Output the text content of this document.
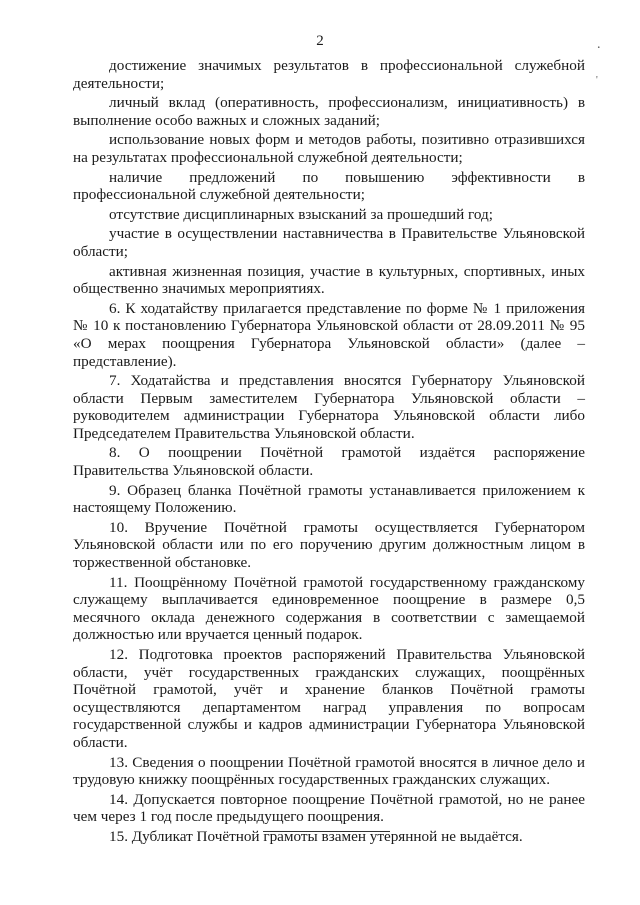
2	.
'

достижение значимых результатов в профессиональной служебной деятельности;

личный вклад (оперативность, профессионализм, инициативность) в выполнение особо важных и сложных заданий;

использование новых форм и методов работы, позитивно отразившихся на результатах профессиональной служебной деятельности;

наличие предложений по повышению эффективности в профессиональной служебной деятельности;

отсутствие дисциплинарных взысканий за прошедший год;

участие в осуществлении наставничества в Правительстве Ульяновской области;

активная жизненная позиция, участие в культурных, спортивных, иных общественно значимых мероприятиях.

6. К ходатайству прилагается представление по форме № 1 приложения № 10 к постановлению Губернатора Ульяновской области от 28.09.2011 № 95 «О мерах поощрения Губернатора Ульяновской области» (далее – представление).

7. Ходатайства и представления вносятся Губернатору Ульяновской области Первым заместителем Губернатора Ульяновской области – руководителем администрации Губернатора Ульяновской области либо Председателем Правительства Ульяновской области.

8. О поощрении Почётной грамотой издаётся распоряжение Правительства Ульяновской области.

9. Образец бланка Почётной грамоты устанавливается приложением к настоящему Положению.

10. Вручение Почётной грамоты осуществляется Губернатором Ульяновской области или по его поручению другим должностным лицом в торжественной обстановке.

11. Поощрённому Почётной грамотой государственному гражданскому служащему выплачивается единовременное поощрение в размере 0,5 месячного оклада денежного содержания в соответствии с замещаемой должностью или вручается ценный подарок.

12. Подготовка проектов распоряжений Правительства Ульяновской области, учёт государственных гражданских служащих, поощрённых Почётной грамотой, учёт и хранение бланков Почётной грамоты осуществляются департаментом наград управления по вопросам государственной службы и кадров администрации Губернатора Ульяновской области.

13. Сведения о поощрении Почётной грамотой вносятся в личное дело и трудовую книжку поощрённых государственных гражданских служащих.

14. Допускается повторное поощрение Почётной грамотой, но не ранее чем через 1 год после предыдущего поощрения.

15. Дубликат Почётной грамоты взамен утерянной не выдаётся.
